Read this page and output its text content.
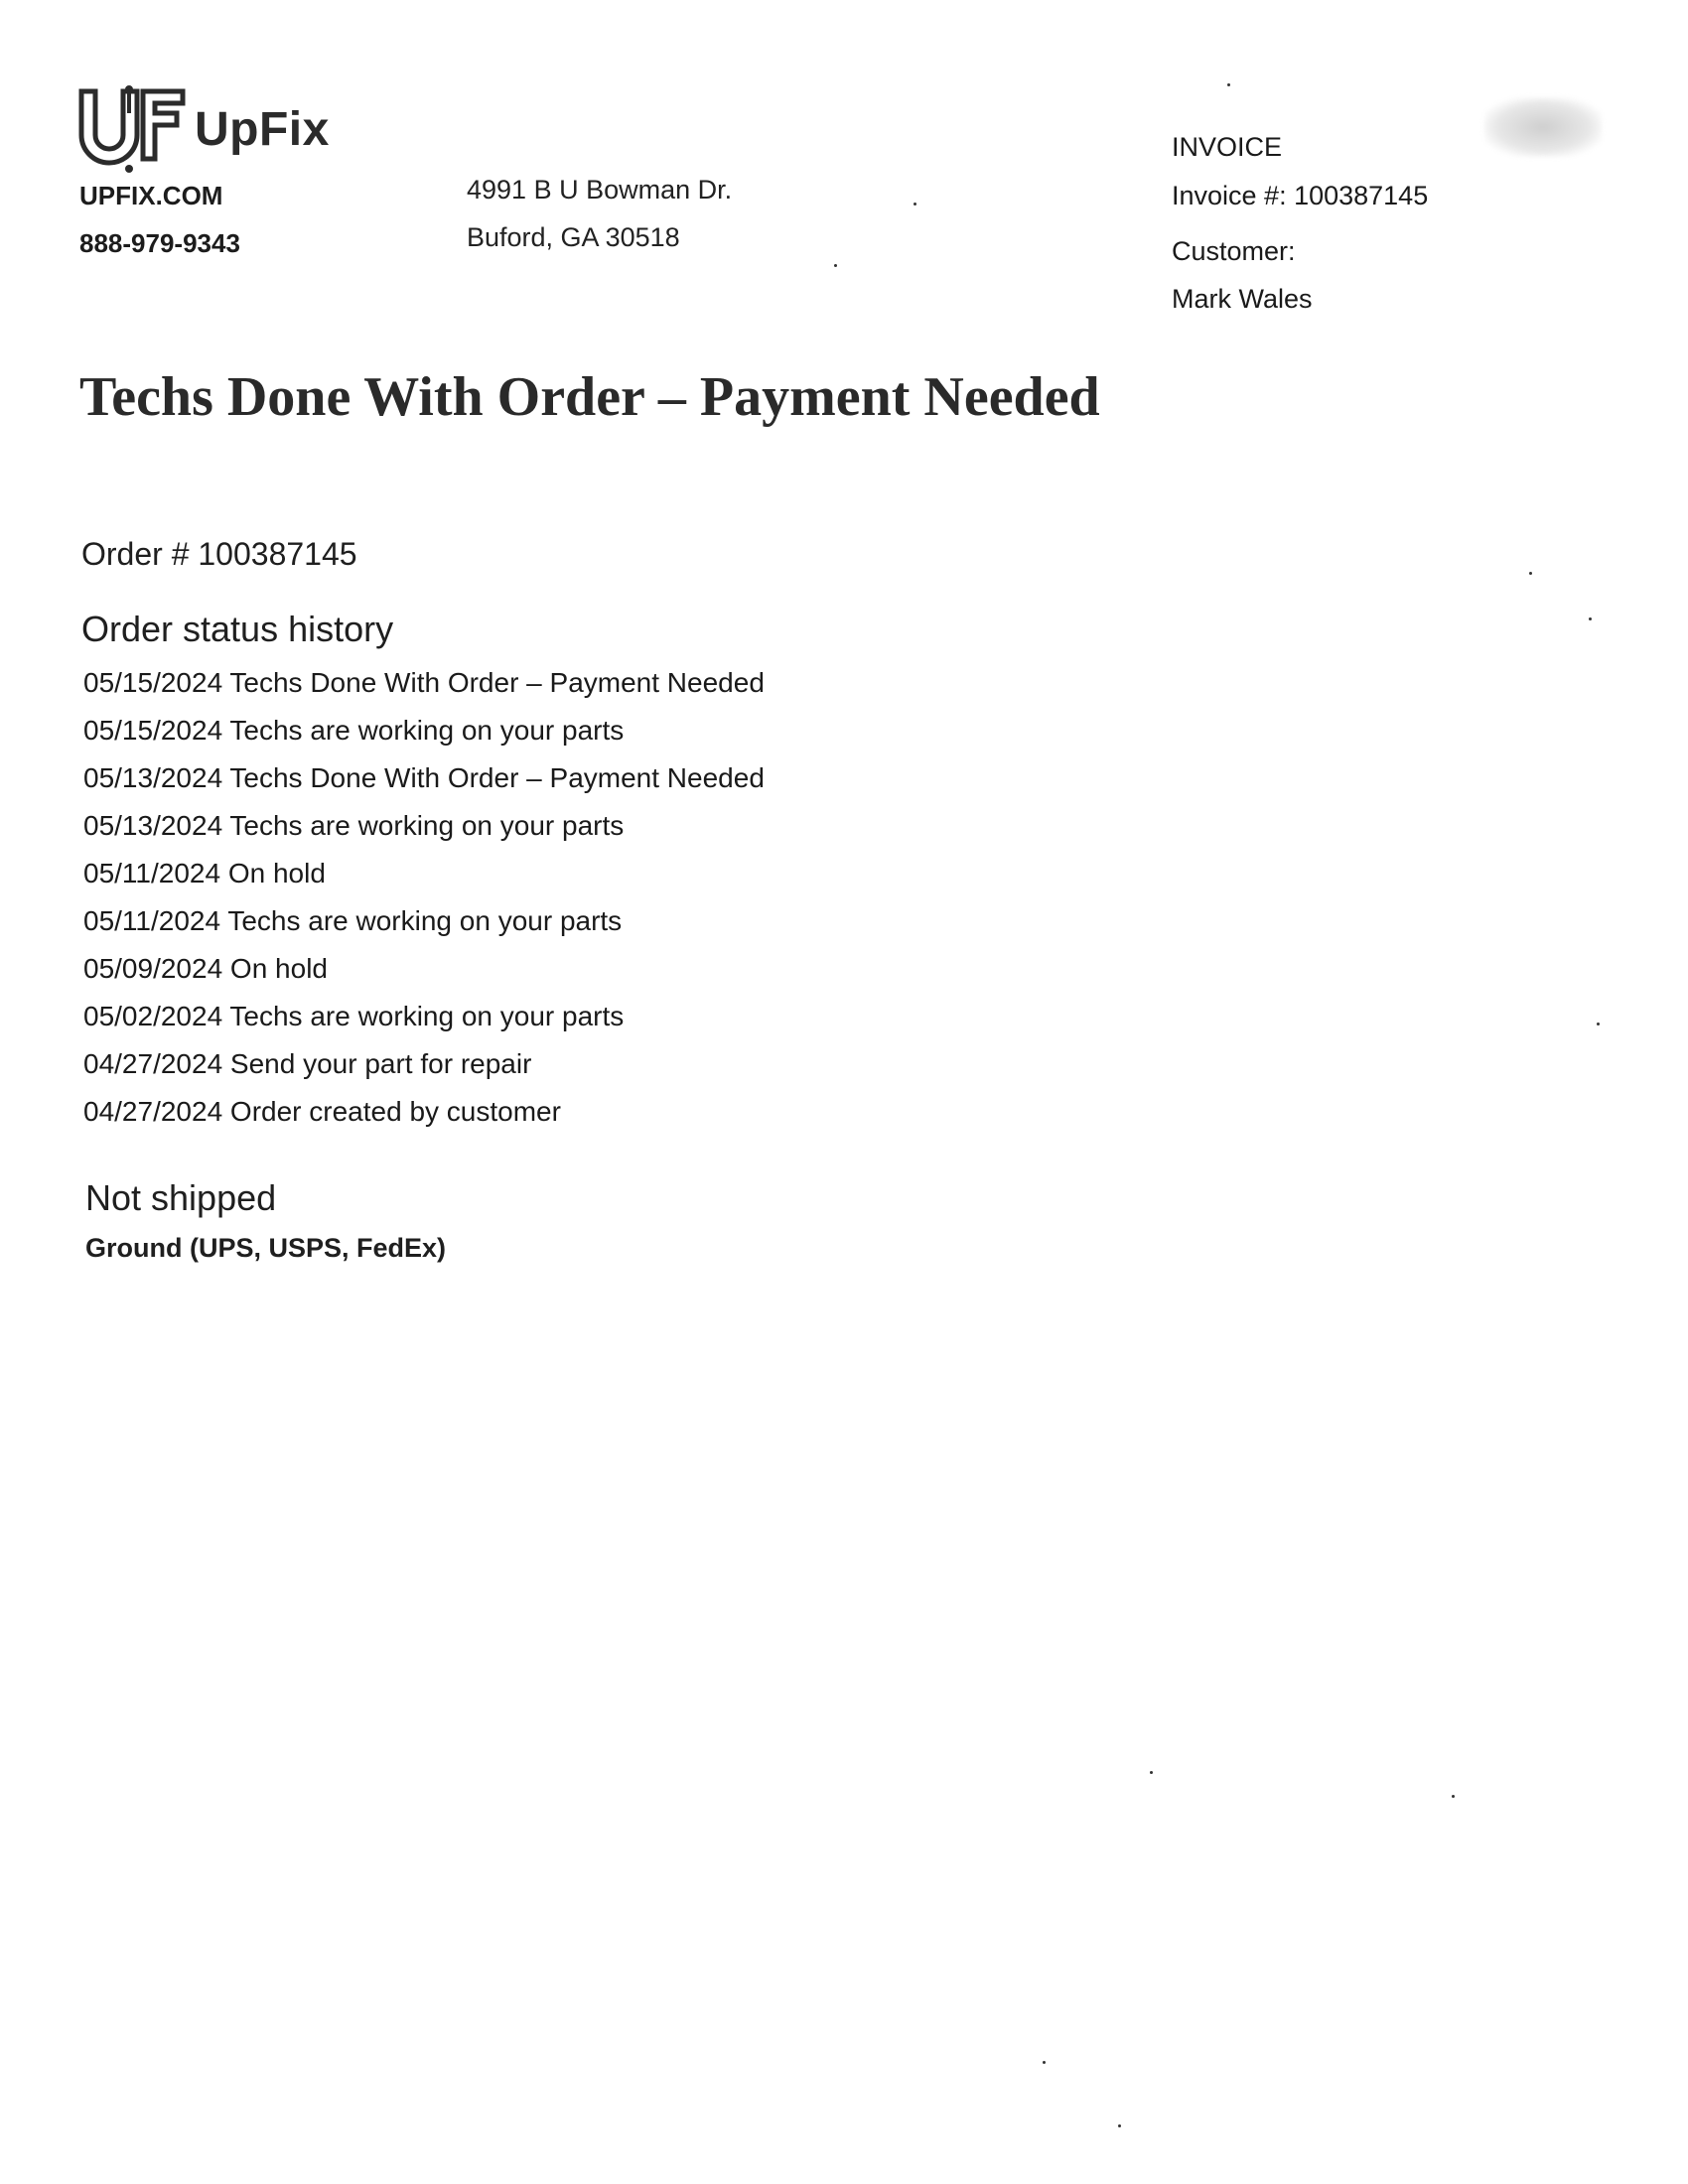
UpFix
UPFIX.COM
888-979-9343
4991 B U Bowman Dr.
Buford, GA 30518
INVOICE
Invoice #: 100387145
Customer:
Mark Wales
Techs Done With Order – Payment Needed
Order # 100387145
Order status history
05/15/2024 Techs Done With Order – Payment Needed
05/15/2024 Techs are working on your parts
05/13/2024 Techs Done With Order – Payment Needed
05/13/2024 Techs are working on your parts
05/11/2024 On hold
05/11/2024 Techs are working on your parts
05/09/2024 On hold
05/02/2024 Techs are working on your parts
04/27/2024 Send your part for repair
04/27/2024 Order created by customer
Not shipped
Ground (UPS, USPS, FedEx)
